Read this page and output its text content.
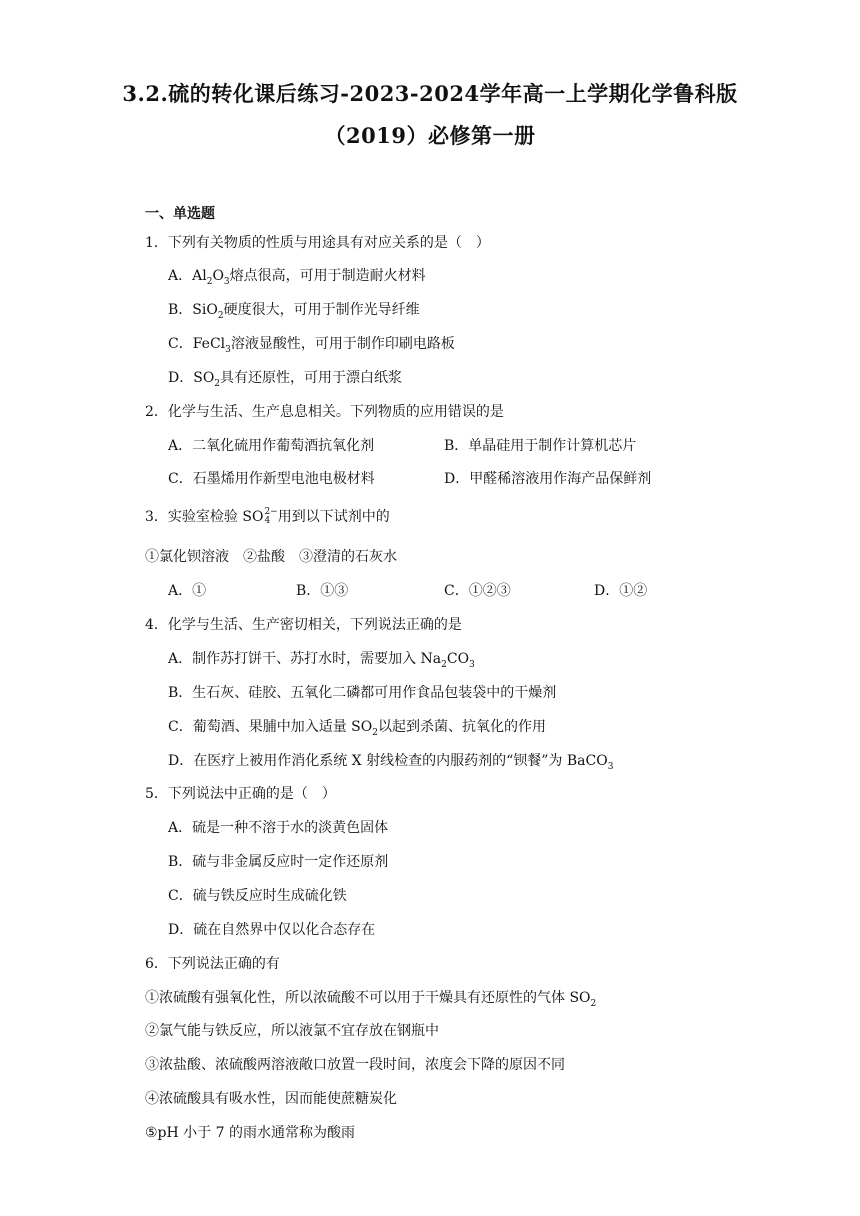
3.2.硫的转化课后练习-2023-2024学年高一上学期化学鲁科版
（2019）必修第一册
一、单选题
1．下列有关物质的性质与用途具有对应关系的是（　）
A．$Al_2O_3$熔点很高，可用于制造耐火材料
B．SiO$_2$硬度很大，可用于制作光导纤维
C．FeCl$_3$溶液显酸性，可用于制作印刷电路板
D．$SO_2$具有还原性，可用于漂白纸浆
2．化学与生活、生产息息相关。下列物质的应用错误的是
A．二氧化硫用作葡萄酒抗氧化剂	B．单晶硅用于制作计算机芯片
C．石墨烯用作新型电池电极材料	D．甲醛稀溶液用作海产品保鲜剂
3．实验室检验 SO 2−
4 用到以下试剂中的
①氯化钡溶液　②盐酸　③澄清的石灰水
A．①	B．①③	C．①②③	D．①②
4．化学与生活、生产密切相关，下列说法正确的是
A．制作苏打饼干、苏打水时，需要加入 $Na_2CO_3$
B．生石灰、硅胶、五氧化二磷都可用作食品包装袋中的干燥剂
C．葡萄酒、果脯中加入适量 $SO_2$以起到杀菌、抗氧化的作用
D．在医疗上被用作消化系统 X 射线检查的内服药剂的“钡餐”为 BaCO$_3$
5．下列说法中正确的是（　）
A．硫是一种不溶于水的淡黄色固体
B．硫与非金属反应时一定作还原剂
C．硫与铁反应时生成硫化铁
D．硫在自然界中仅以化合态存在
6．下列说法正确的有
①浓硫酸有强氧化性，所以浓硫酸不可以用于干燥具有还原性的气体 $SO_2$
②氯气能与铁反应，所以液氯不宜存放在钢瓶中
③浓盐酸、浓硫酸两溶液敞口放置一段时间，浓度会下降的原因不同
④浓硫酸具有吸水性，因而能使蔗糖炭化
⑤pH 小于 7 的雨水通常称为酸雨
